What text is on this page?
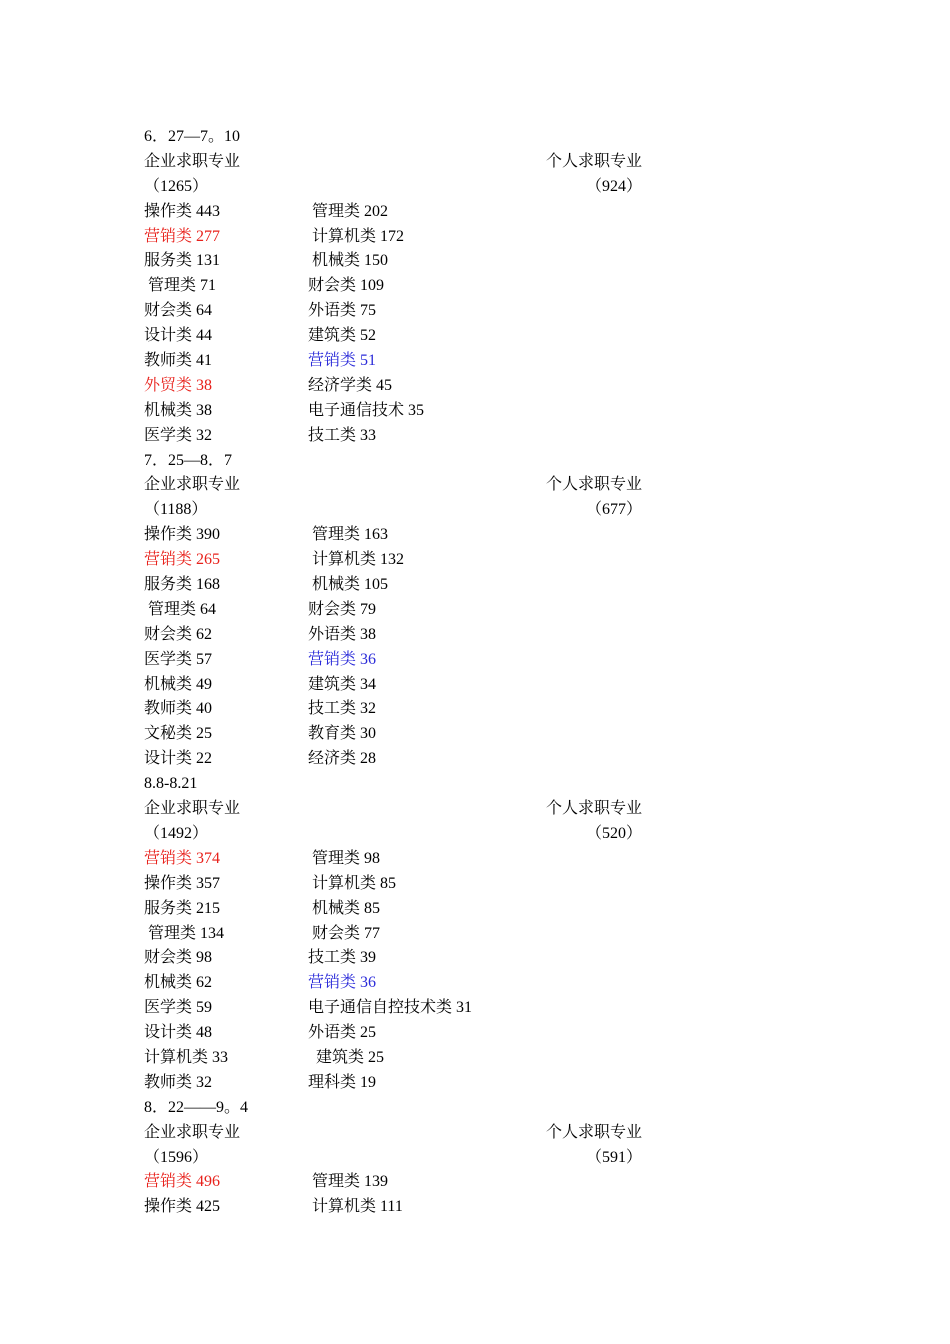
6．27—7。10
企业求职专业	个人求职专业
（1265）	（924）
操作类 443	管理类 202
营销类 277	计算机类 172
服务类 131	机械类 150
管理类 71	财会类 109
财会类 64	外语类 75
设计类 44	建筑类 52
教师类 41	营销类 51
外贸类 38	经济学类 45
机械类 38	电子通信技术 35
医学类 32	技工类 33
7．25—8．7
企业求职专业	个人求职专业
（1188）	（677）
操作类 390	管理类 163
营销类 265	计算机类 132
服务类 168	机械类 105
管理类 64	财会类 79
财会类 62	外语类 38
医学类 57	营销类 36
机械类 49	建筑类 34
教师类 40	技工类 32
文秘类 25	教育类 30
设计类 22	经济类 28
8.8-8.21
企业求职专业	个人求职专业
（1492）	（520）
营销类 374	管理类 98
操作类 357	计算机类 85
服务类 215	机械类 85
管理类 134	财会类 77
财会类 98	技工类 39
机械类 62	营销类 36
医学类 59	电子通信自控技术类 31
设计类 48	外语类 25
计算机类 33	建筑类 25
教师类 32	理科类 19
8．22——9。4
企业求职专业	个人求职专业
（1596）	（591）
营销类 496	管理类 139
操作类 425	计算机类 111
